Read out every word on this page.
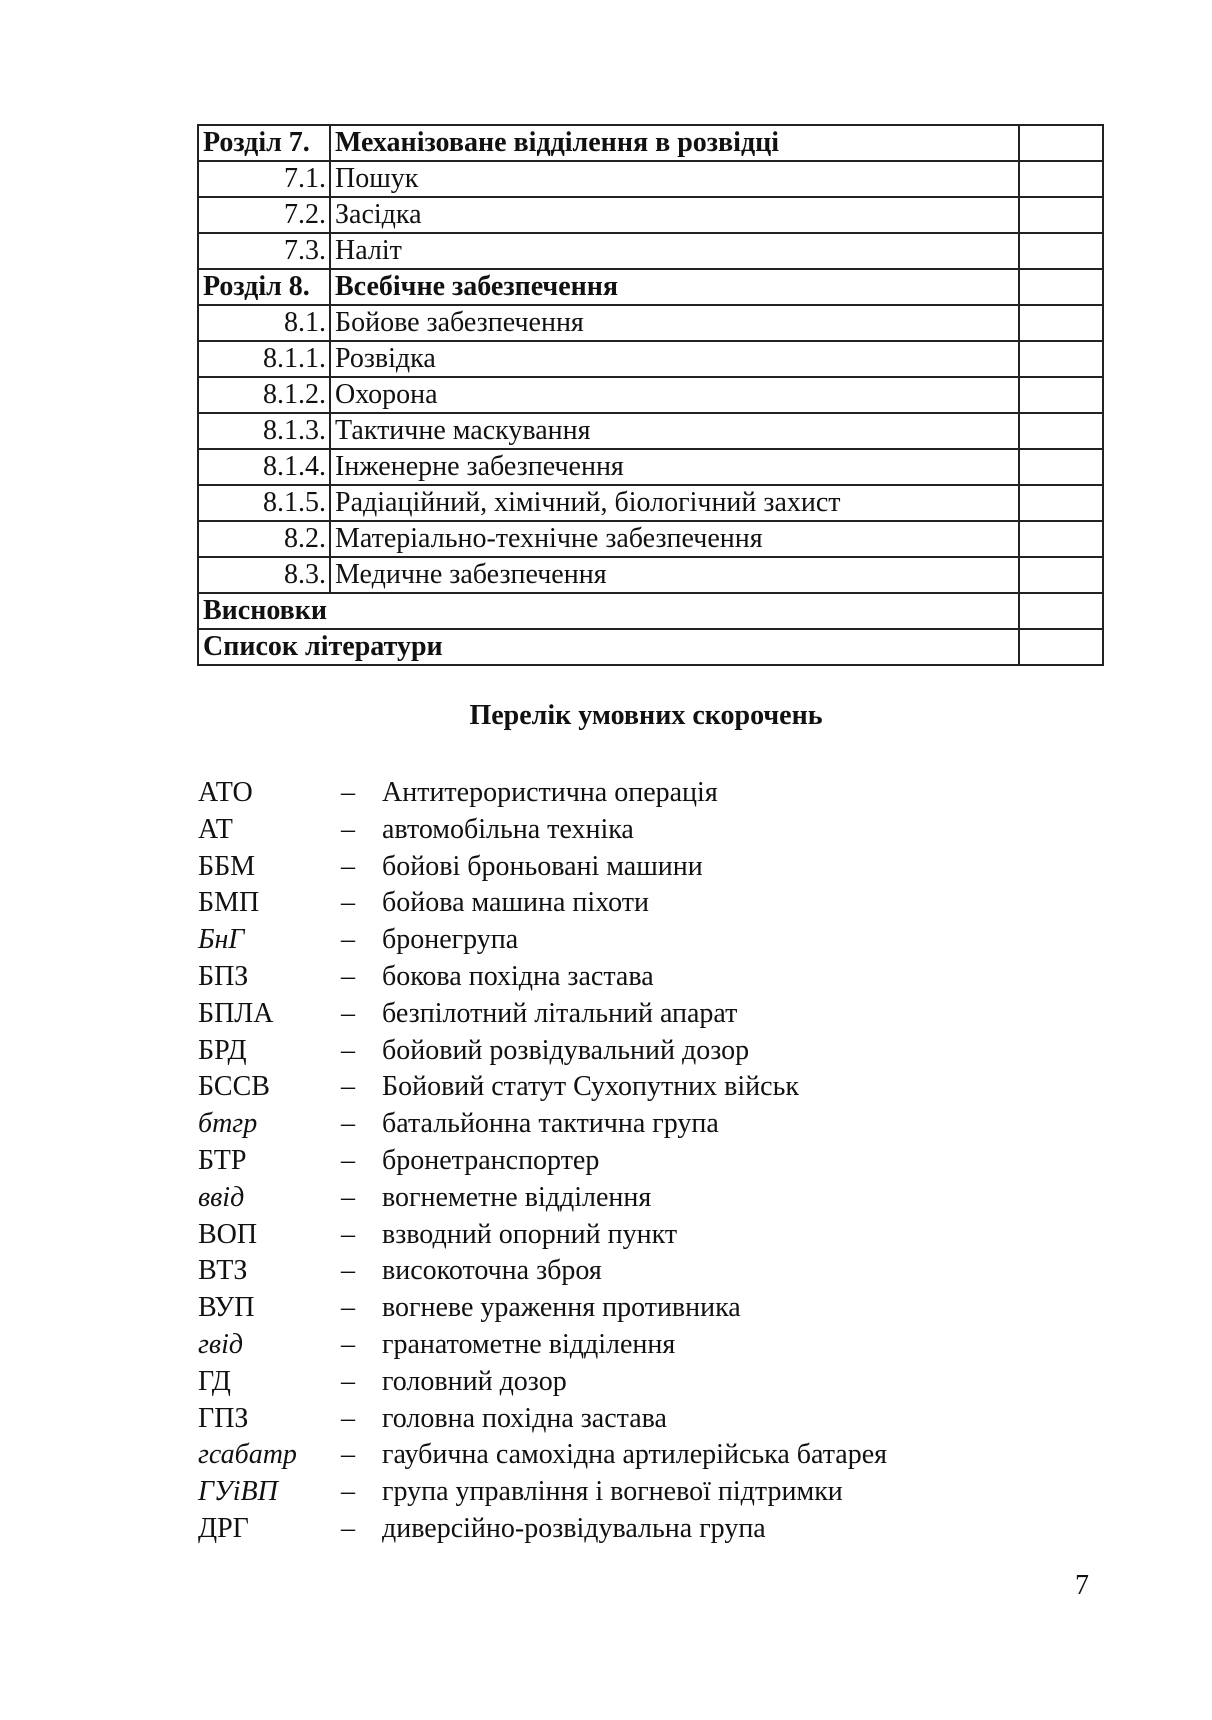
Розділ 7.	Механізоване відділення в розвідці	
7.1.	Пошук	
7.2.	Засідка	
7.3.	Наліт	
Розділ 8.	Всебічне забезпечення	
8.1.	Бойове забезпечення	
8.1.1.	Розвідка	
8.1.2.	Охорона	
8.1.3.	Тактичне маскування	
8.1.4.	Інженерне забезпечення	
8.1.5.	Радіаційний, хімічний, біологічний захист	
8.2.	Матеріально-технічне забезпечення	
8.3.	Медичне забезпечення	
Висновки		
Список літератури		
Перелік умовних скорочень
АТО	– Антитерористична операція
АТ	– автомобільна техніка
ББМ	– бойові броньовані машини
БМП	– бойова машина піхоти
БнГ	– бронегрупа
БПЗ	– бокова похідна застава
БПЛА – безпілотний літальний апарат
БРД	– бойовий розвідувальний дозор
БССВ	– Бойовий статут Сухопутних військ
бтгр	– батальйонна тактична група
БТР	– бронетранспортер
ввід	– вогнеметне відділення
ВОП	– взводний опорний пункт
ВТЗ	– високоточна зброя
ВУП	– вогневе ураження противника
гвід	– гранатометне відділення
ГД	– головний дозор
ГПЗ	– головна похідна застава
гсабатр – гаубична самохідна артилерійська батарея
ГУіВП – група управління і вогневої підтримки
ДРГ	– диверсійно-розвідувальна група
7
